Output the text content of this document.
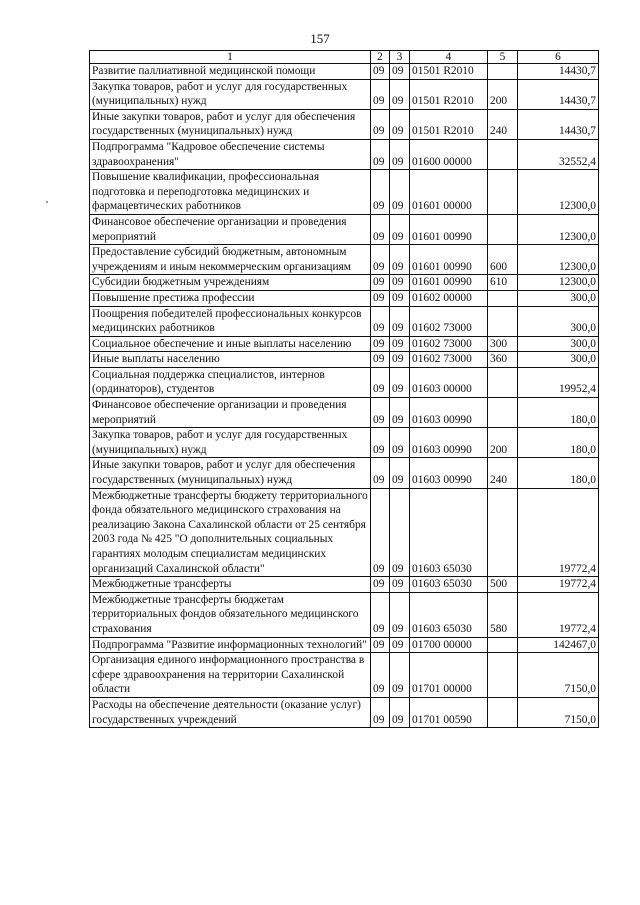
157
1	2	3	4	5	6
Развитие паллиативной медицинской помощи	09	09	01501 R2010		14430,7
Закупка товаров, работ и услуг для государственных (муниципальных) нужд	09	09	01501 R2010	200	14430,7
Иные закупки товаров, работ и услуг для обеспечения государственных (муниципальных) нужд	09	09	01501 R2010	240	14430,7
Подпрограмма "Кадровое обеспечение системы здравоохранения"	09	09	01600 00000		32552,4
Повышение квалификации, профессиональная подготовка и переподготовка медицинских и фармацевтических работников	09	09	01601 00000		12300,0
Финансовое обеспечение организации и проведения мероприятий	09	09	01601 00990		12300,0
Предоставление субсидий бюджетным, автономным учреждениям и иным некоммерческим организациям	09	09	01601 00990	600	12300,0
Субсидии бюджетным учреждениям	09	09	01601 00990	610	12300,0
Повышение престижа профессии	09	09	01602 00000		300,0
Поощрения победителей профессиональных конкурсов медицинских работников	09	09	01602 73000		300,0
Социальное обеспечение и иные выплаты населению	09	09	01602 73000	300	300,0
Иные выплаты населению	09	09	01602 73000	360	300,0
Социальная поддержка специалистов, интернов (ординаторов), студентов	09	09	01603 00000		19952,4
Финансовое обеспечение организации и проведения мероприятий	09	09	01603 00990		180,0
Закупка товаров, работ и услуг для государственных (муниципальных) нужд	09	09	01603 00990	200	180,0
Иные закупки товаров, работ и услуг для обеспечения государственных (муниципальных) нужд	09	09	01603 00990	240	180,0
Межбюджетные трансферты бюджету территориального фонда обязательного медицинского страхования на реализацию Закона Сахалинской области от 25 сентября 2003 года № 425 "О дополнительных социальных гарантиях молодым специалистам медицинских организаций Сахалинской области"	09	09	01603 65030		19772,4
Межбюджетные трансферты	09	09	01603 65030	500	19772,4
Межбюджетные трансферты бюджетам территориальных фондов обязательного медицинского страхования	09	09	01603 65030	580	19772,4
Подпрограмма "Развитие информационных технологий"	09	09	01700 00000		142467,0
Организация единого информационного пространства в сфере здравоохранения на территории Сахалинской области	09	09	01701 00000		7150,0
Расходы на обеспечение деятельности (оказание услуг) государственных учреждений	09	09	01701 00590		7150,0
